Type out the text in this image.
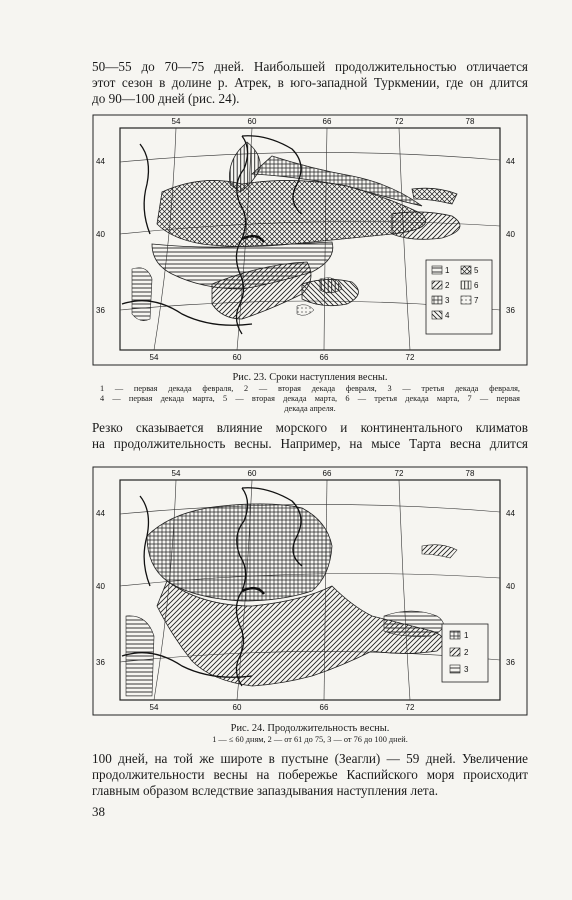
50—55 до 70—75 дней. Наибольшей продолжительностью отличается
этот сезон в долине р. Атрек, в юго-западной Туркмении, где он длится
до 90—100 дней (рис. 24).

54	60	66	72	78
54	60	66	72
44
40
36
44
40
36
1
2
3
4
5
6
7
Рис. 23. Сроки наступления весны.
1 — первая декада февраля, 2 — вторая декада февраля, 3 — третья декада февраля,
4 — первая декада марта, 5 — вторая декада марта, 6 — третья декада марта, 7 — первая
декада апреля.

Резко сказывается влияние морского и континентального климатов
на продолжительность весны. Например, на мысе Тарта весна длится

54	60	66	72	78
54	60	66	72
44
40
36
44
40
36
1
2
3
Рис. 24. Продолжительность весны.
1 — ≤ 60 дням, 2 — от 61 до 75, 3 — от 76 до 100 дней.

100 дней, на той же широте в пустыне (Зеагли) — 59 дней. Увеличение
продолжительности весны на побережье Каспийского моря происходит
главным образом вследствие запаздывания наступления лета.

38
